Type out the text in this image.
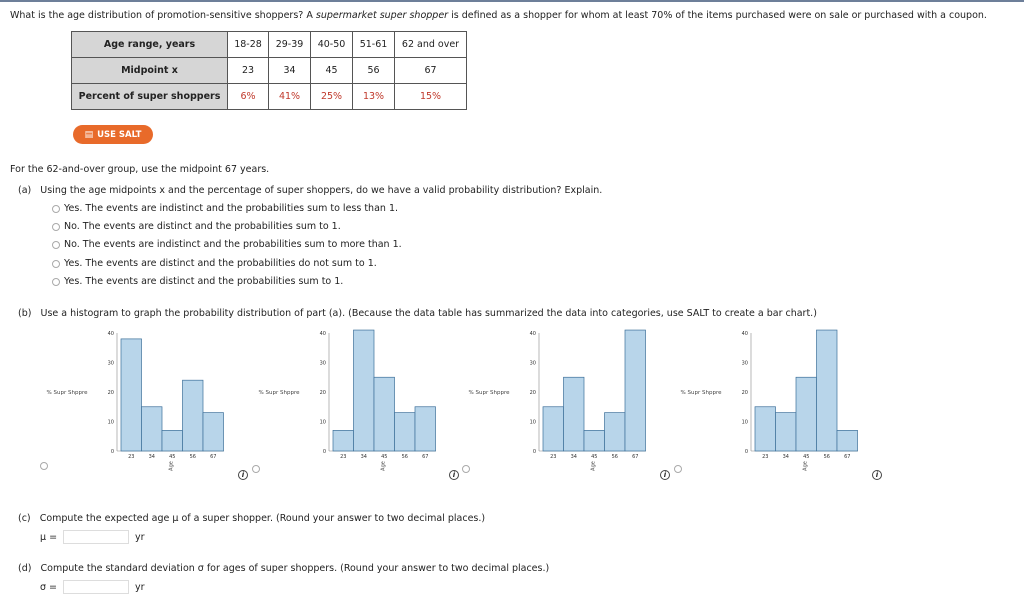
What is the age distribution of promotion-sensitive shoppers? A supermarket super shopper is defined as a shopper for whom at least 70% of the items purchased were on sale or purchased with a coupon.
Age range, years	18-28	29-39	40-50	51-61	62 and over
Midpoint x	23	34	45	56	67
Percent of super shoppers	6%	41%	25%	13%	15%
▤ USE SALT
For the 62-and-over group, use the midpoint 67 years.
(a) Using the age midpoints x and the percentage of super shoppers, do we have a valid probability distribution? Explain.
Yes. The events are indistinct and the probabilities sum to less than 1.
No. The events are distinct and the probabilities sum to 1.
No. The events are indistinct and the probabilities sum to more than 1.
Yes. The events are distinct and the probabilities do not sum to 1.
Yes. The events are distinct and the probabilities sum to 1.
(b) Use a histogram to graph the probability distribution of part (a). (Because the data table has summarized the data into categories, use SALT to create a bar chart.)
0
10
20
30
40
% Supr Shppre
23	34	45	56	67
Age
i
0
10
20
30
40
% Supr Shppre
23	34	45	56	67
Age
i
0
10
20
30
40
% Supr Shppre
23	34	45	56	67
Age
i
0
10
20
30
40
% Supr Shppre
23	34	45	56	67
Age
i
(c) Compute the expected age μ of a super shopper. (Round your answer to two decimal places.)
μ =	yr
(d) Compute the standard deviation σ for ages of super shoppers. (Round your answer to two decimal places.)
σ =	yr
